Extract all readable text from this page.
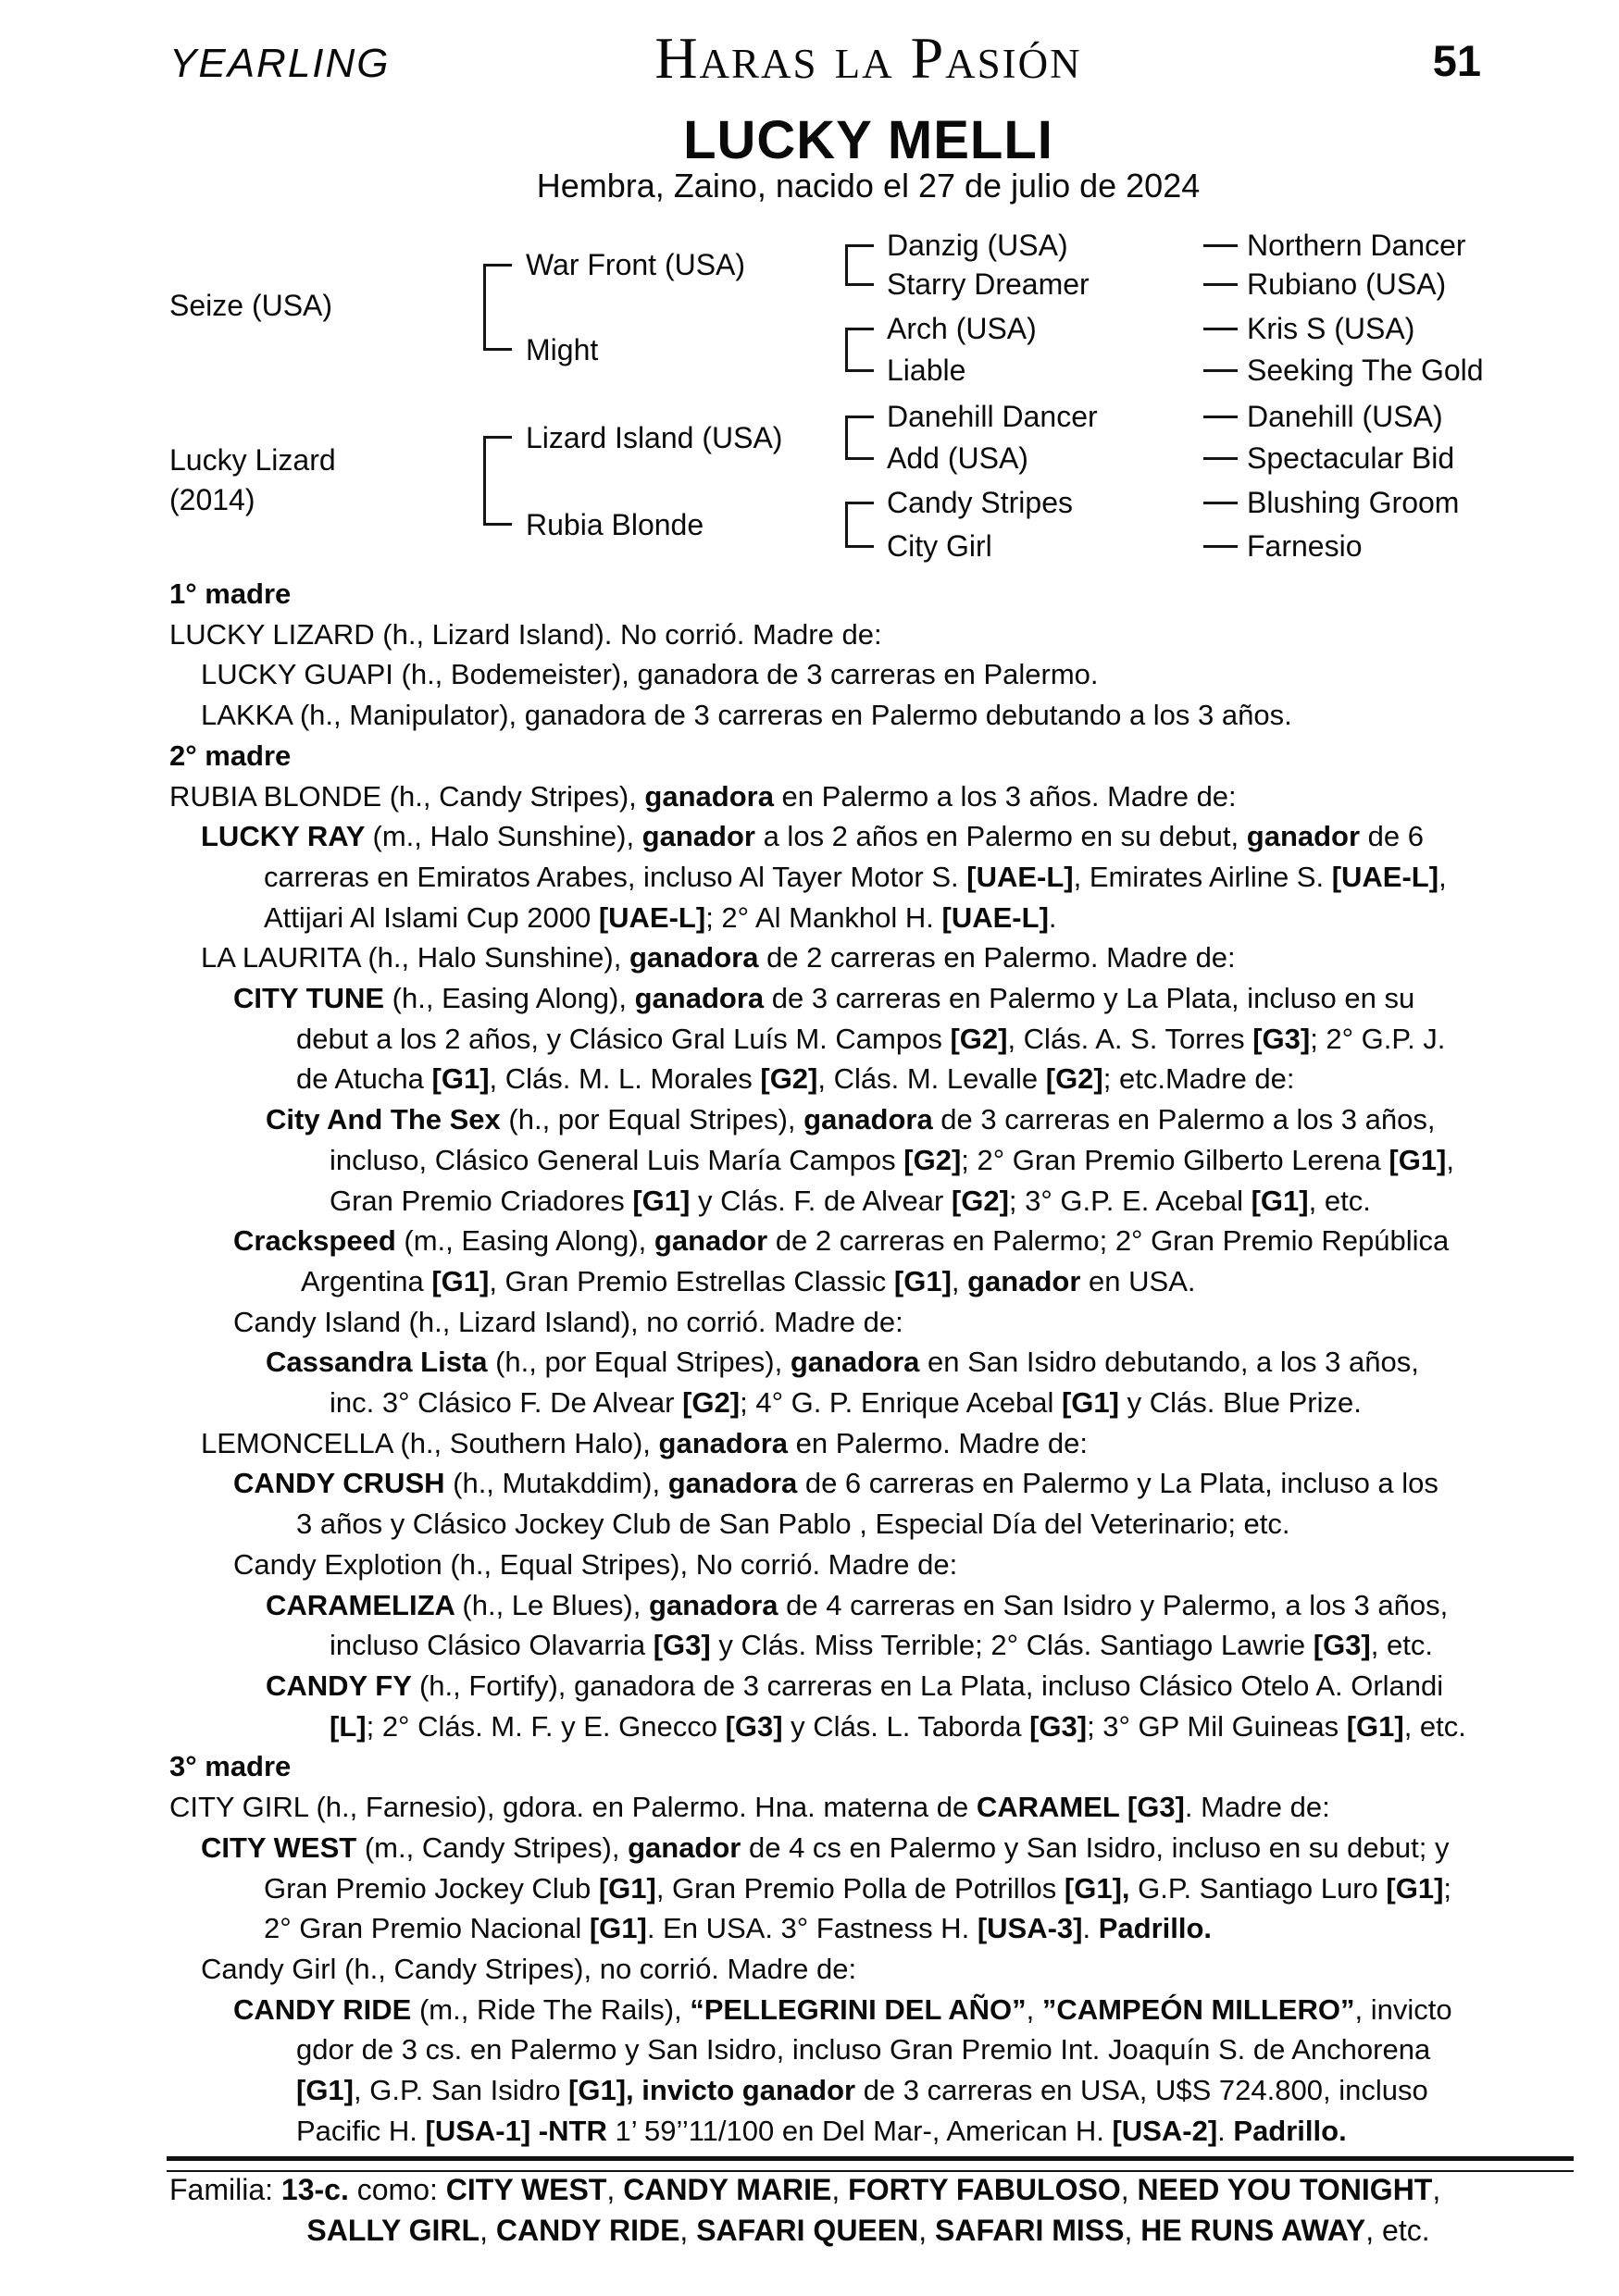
YEARLING	Haras la Pasión	51
LUCKY MELLI
Hembra, Zaino, nacido el 27 de julio de 2024
Seize (USA)
Lucky Lizard
(2014)
War Front (USA)
Might
Lizard Island (USA)
Rubia Blonde
Danzig (USA)
Starry Dreamer
Arch (USA)
Liable
Danehill Dancer
Add (USA)
Candy Stripes
City Girl
Northern Dancer
Rubiano (USA)
Kris S (USA)
Seeking The Gold
Danehill (USA)
Spectacular Bid
Blushing Groom
Farnesio
1° madre
LUCKY LIZARD (h., Lizard Island). No corrió. Madre de:
LUCKY GUAPI (h., Bodemeister), ganadora de 3 carreras en Palermo.
LAKKA (h., Manipulator), ganadora de 3 carreras en Palermo debutando a los 3 años.
2° madre
RUBIA BLONDE (h., Candy Stripes), ganadora en Palermo a los 3 años. Madre de:
LUCKY RAY (m., Halo Sunshine), ganador a los 2 años en Palermo en su debut, ganador de 6
carreras en Emiratos Arabes, incluso Al Tayer Motor S. [UAE-L], Emirates Airline S. [UAE-L],
Attijari Al Islami Cup 2000 [UAE-L]; 2° Al Mankhol H. [UAE-L].
LA LAURITA (h., Halo Sunshine), ganadora de 2 carreras en Palermo. Madre de:
CITY TUNE (h., Easing Along), ganadora de 3 carreras en Palermo y La Plata, incluso en su
debut a los 2 años, y Clásico Gral Luís M. Campos [G2], Clás. A. S. Torres [G3]; 2° G.P. J.
de Atucha [G1], Clás. M. L. Morales [G2], Clás. M. Levalle [G2]; etc.Madre de:
City And The Sex (h., por Equal Stripes), ganadora de 3 carreras en Palermo a los 3 años,
incluso, Clásico General Luis María Campos [G2]; 2° Gran Premio Gilberto Lerena [G1],
Gran Premio Criadores [G1] y Clás. F. de Alvear [G2]; 3° G.P. E. Acebal [G1], etc.
Crackspeed (m., Easing Along), ganador de 2 carreras en Palermo; 2° Gran Premio República
Argentina [G1], Gran Premio Estrellas Classic [G1], ganador en USA.
Candy Island (h., Lizard Island), no corrió. Madre de:
Cassandra Lista (h., por Equal Stripes), ganadora en San Isidro debutando, a los 3 años,
inc. 3° Clásico F. De Alvear [G2]; 4° G. P. Enrique Acebal [G1] y Clás. Blue Prize.
LEMONCELLA (h., Southern Halo), ganadora en Palermo. Madre de:
CANDY CRUSH (h., Mutakddim), ganadora de 6 carreras en Palermo y La Plata, incluso a los
3 años y Clásico Jockey Club de San Pablo , Especial Día del Veterinario; etc.
Candy Explotion (h., Equal Stripes), No corrió. Madre de:
CARAMELIZA (h., Le Blues), ganadora de 4 carreras en San Isidro y Palermo, a los 3 años,
incluso Clásico Olavarria [G3] y Clás. Miss Terrible; 2° Clás. Santiago Lawrie [G3], etc.
CANDY FY (h., Fortify), ganadora de 3 carreras en La Plata, incluso Clásico Otelo A. Orlandi
[L]; 2° Clás. M. F. y E. Gnecco [G3] y Clás. L. Taborda [G3]; 3° GP Mil Guineas [G1], etc.
3° madre
CITY GIRL (h., Farnesio), gdora. en Palermo. Hna. materna de CARAMEL [G3]. Madre de:
CITY WEST (m., Candy Stripes), ganador de 4 cs en Palermo y San Isidro, incluso en su debut; y
Gran Premio Jockey Club [G1], Gran Premio Polla de Potrillos [G1], G.P. Santiago Luro [G1];
2° Gran Premio Nacional [G1]. En USA. 3° Fastness H. [USA-3]. Padrillo.
Candy Girl (h., Candy Stripes), no corrió. Madre de:
CANDY RIDE (m., Ride The Rails), “PELLEGRINI DEL AÑO”, ”CAMPEÓN MILLERO”, invicto
gdor de 3 cs. en Palermo y San Isidro, incluso Gran Premio Int. Joaquín S. de Anchorena
[G1], G.P. San Isidro [G1], invicto ganador de 3 carreras en USA, U$S 724.800, incluso
Pacific H. [USA-1] -NTR 1’ 59’’11/100 en Del Mar-, American H. [USA-2]. Padrillo.
Familia: 13-c. como: CITY WEST, CANDY MARIE, FORTY FABULOSO, NEED YOU TONIGHT,
SALLY GIRL, CANDY RIDE, SAFARI QUEEN, SAFARI MISS, HE RUNS AWAY, etc.
